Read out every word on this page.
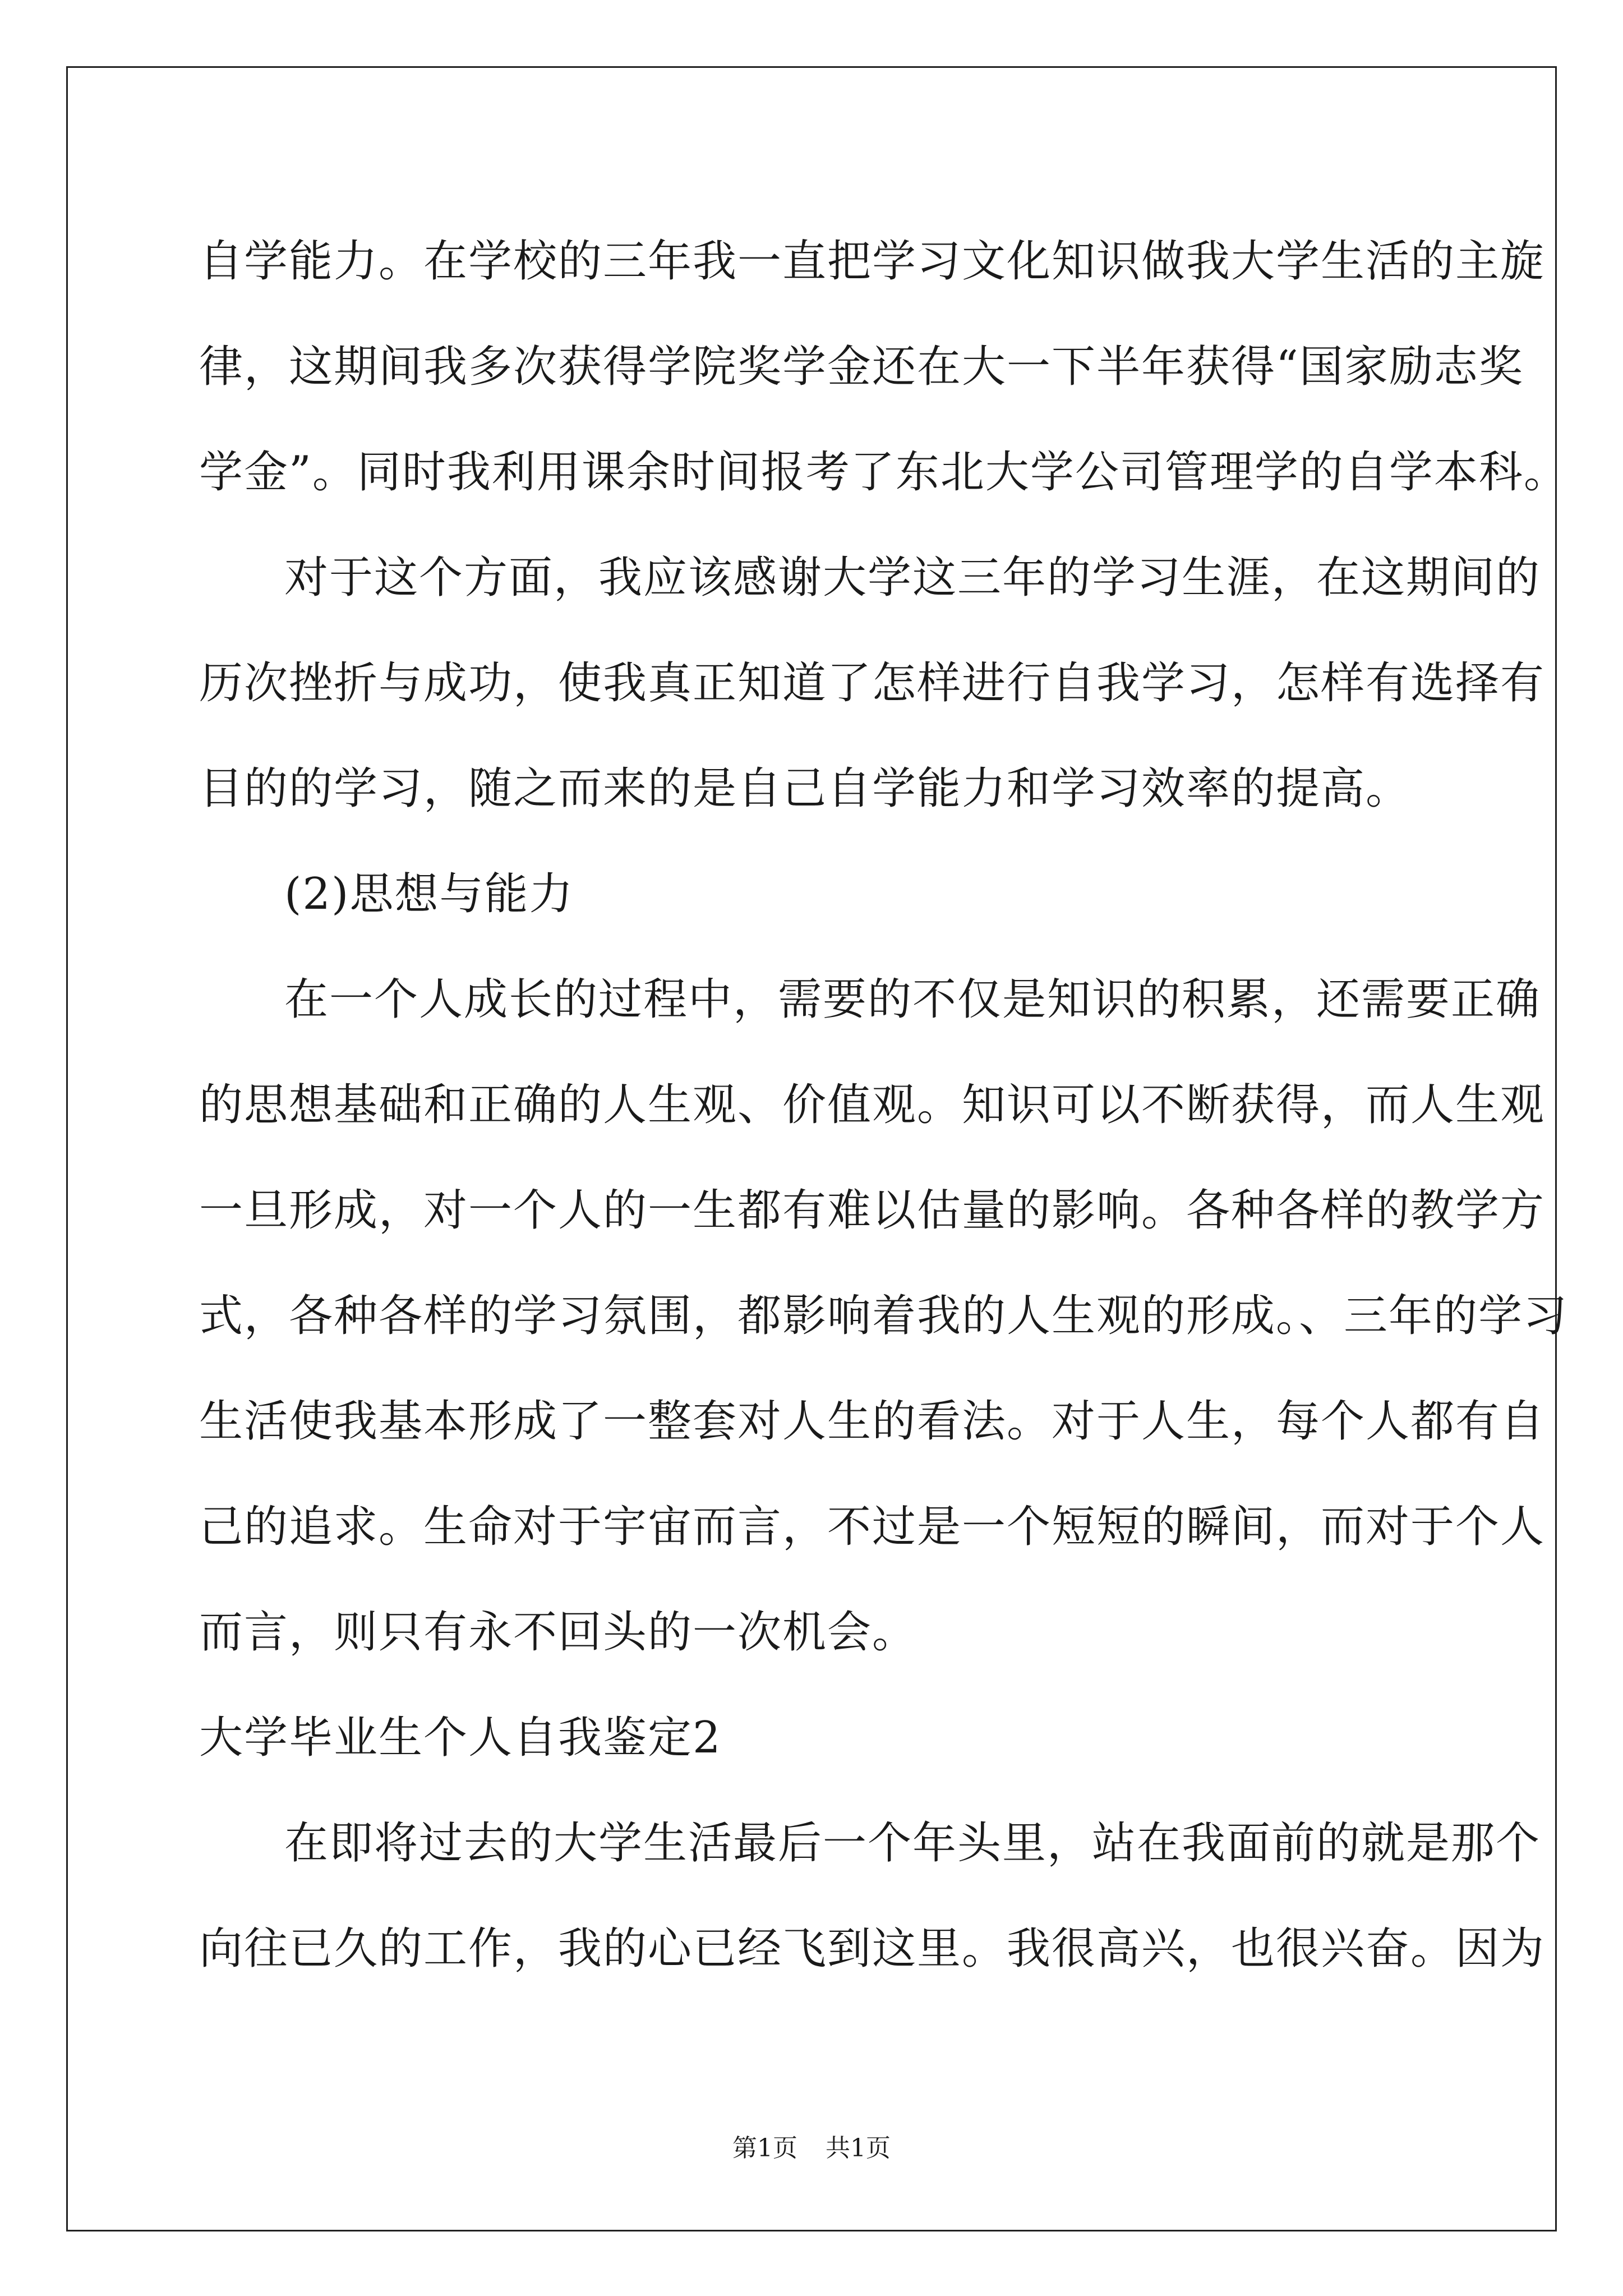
自学能力。在学校的三年我一直把学习文化知识做我大学生活的主旋
律，这期间我多次获得学院奖学金还在大一下半年获得“国家励志奖
学金”。同时我利用课余时间报考了东北大学公司管理学的自学本科。
对于这个方面，我应该感谢大学这三年的学习生涯，在这期间的
历次挫折与成功，使我真正知道了怎样进行自我学习，怎样有选择有
目的的学习，随之而来的是自己自学能力和学习效率的提高。
(2)思想与能力
在一个人成长的过程中，需要的不仅是知识的积累，还需要正确
的思想基础和正确的人生观、价值观。知识可以不断获得，而人生观
一旦形成，对一个人的一生都有难以估量的影响。各种各样的教学方
式，各种各样的学习氛围，都影响着我的人生观的形成。、三年的学习
生活使我基本形成了一整套对人生的看法。对于人生，每个人都有自
己的追求。生命对于宇宙而言，不过是一个短短的瞬间，而对于个人
而言，则只有永不回头的一次机会。
大学毕业生个人自我鉴定2
在即将过去的大学生活最后一个年头里，站在我面前的就是那个
向往已久的工作，我的心已经飞到这里。我很高兴，也很兴奋。因为
第1页 共1页
